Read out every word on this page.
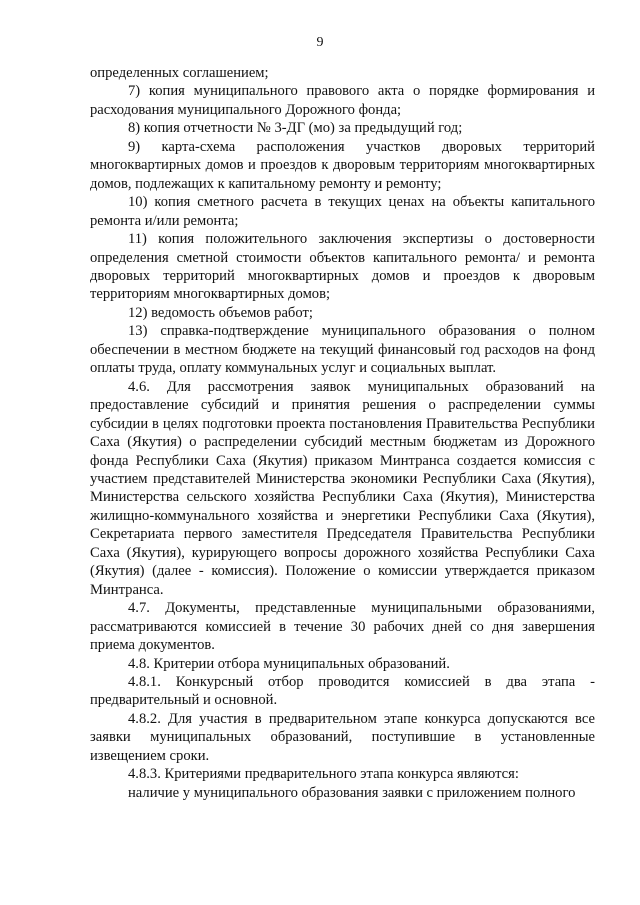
9

определенных соглашением;

7) копия муниципального правового акта о порядке формирования и расходования муниципального Дорожного фонда;

8) копия отчетности № 3-ДГ (мо) за предыдущий год;

9) карта-схема расположения участков дворовых территорий многоквартирных домов и проездов к дворовым территориям многоквартирных домов, подлежащих к капитальному ремонту и ремонту;

10) копия сметного расчета в текущих ценах на объекты капитального ремонта и/или ремонта;

11) копия положительного заключения экспертизы о достоверности определения сметной стоимости объектов капитального ремонта/ и ремонта дворовых территорий многоквартирных домов и проездов к дворовым территориям многоквартирных домов;

12) ведомость объемов работ;

13) справка-подтверждение муниципального образования о полном обеспечении в местном бюджете на текущий финансовый год расходов на фонд оплаты труда, оплату коммунальных услуг и социальных выплат.

4.6. Для рассмотрения заявок муниципальных образований на предоставление субсидий и принятия решения о распределении суммы субсидии в целях подготовки проекта постановления Правительства Республики Саха (Якутия) о распределении субсидий местным бюджетам из Дорожного фонда Республики Саха (Якутия) приказом Минтранса создается комиссия с участием представителей Министерства экономики Республики Саха (Якутия), Министерства сельского хозяйства Республики Саха (Якутия), Министерства жилищно-коммунального хозяйства и энергетики Республики Саха (Якутия), Секретариата первого заместителя Председателя Правительства Республики Саха (Якутия), курирующего вопросы дорожного хозяйства Республики Саха (Якутия) (далее - комиссия). Положение о комиссии утверждается приказом Минтранса.

4.7. Документы, представленные муниципальными образованиями, рассматриваются комиссией в течение 30 рабочих дней со дня завершения приема документов.

4.8. Критерии отбора муниципальных образований.

4.8.1. Конкурсный отбор проводится комиссией в два этапа - предварительный и основной.

4.8.2. Для участия в предварительном этапе конкурса допускаются все заявки муниципальных образований, поступившие в установленные извещением сроки.

4.8.3. Критериями предварительного этапа конкурса являются:

наличие у муниципального образования заявки с приложением полного
